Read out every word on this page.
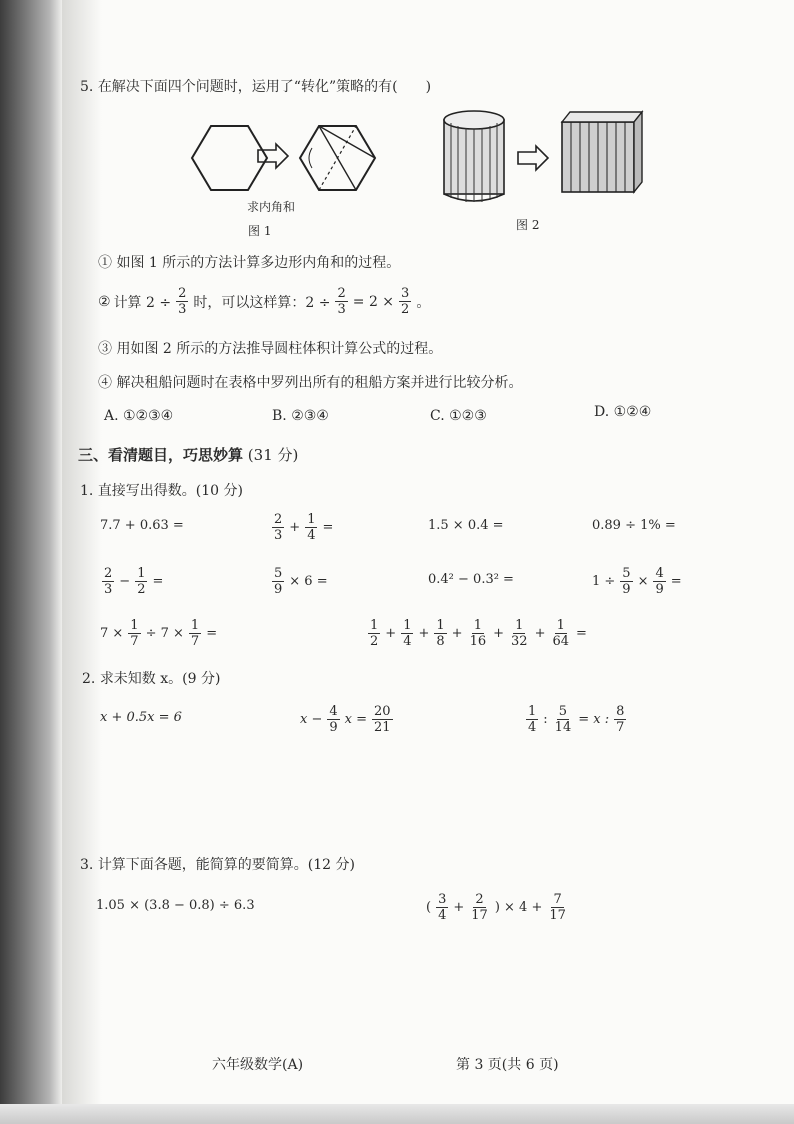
5. 在解决下面四个问题时，运用了“转化”策略的有(　　)
求内角和
图 1	图 2
① 如图 1 所示的方法计算多边形内角和的过程。
② 计算 $2 \div \frac{2}{3}$ 时，可以这样算：$2 \div \frac{2}{3} = 2 \times \frac{3}{2}$ 。
③ 用如图 2 所示的方法推导圆柱体积计算公式的过程。
④ 解决租船问题时在表格中罗列出所有的租船方案并进行比较分析。
A. ①②③④	B. ②③④	C. ①②③	D. ①②④
三、看清题目，巧思妙算 (31 分)
1. 直接写出得数。(10 分)
7.7 + 0.63 =	$\frac{2}{3} + \frac{1}{4}$ =	1.5 × 0.4 =	0.89 ÷ 1% =
$\frac{2}{3} - \frac{1}{2}$ =	$\frac{5}{9} \times 6$ =	0.4² − 0.3² =	$1 \div \frac{5}{9} \times \frac{4}{9}$ =
$7 \times \frac{1}{7} \div 7 \times \frac{1}{7}$ =	$\frac{1}{2} + \frac{1}{4} + \frac{1}{8} + \frac{1}{16} + \frac{1}{32} + \frac{1}{64}$ =
2. 求未知数 x。(9 分)
x + 0.5x = 6	$x - \frac{4}{9}$ $x = \frac{20}{21}$	$\frac{1}{4}$ : $\frac{5}{14} = x$ : $\frac{8}{7}$
3. 计算下面各题，能简算的要简算。(12 分)
1.05 × (3.8 − 0.8) ÷ 6.3	( $\frac{3}{4} + \frac{2}{17}$ ) × $4 + \frac{7}{17}$
六年级数学(A)	第 3 页(共 6 页)
